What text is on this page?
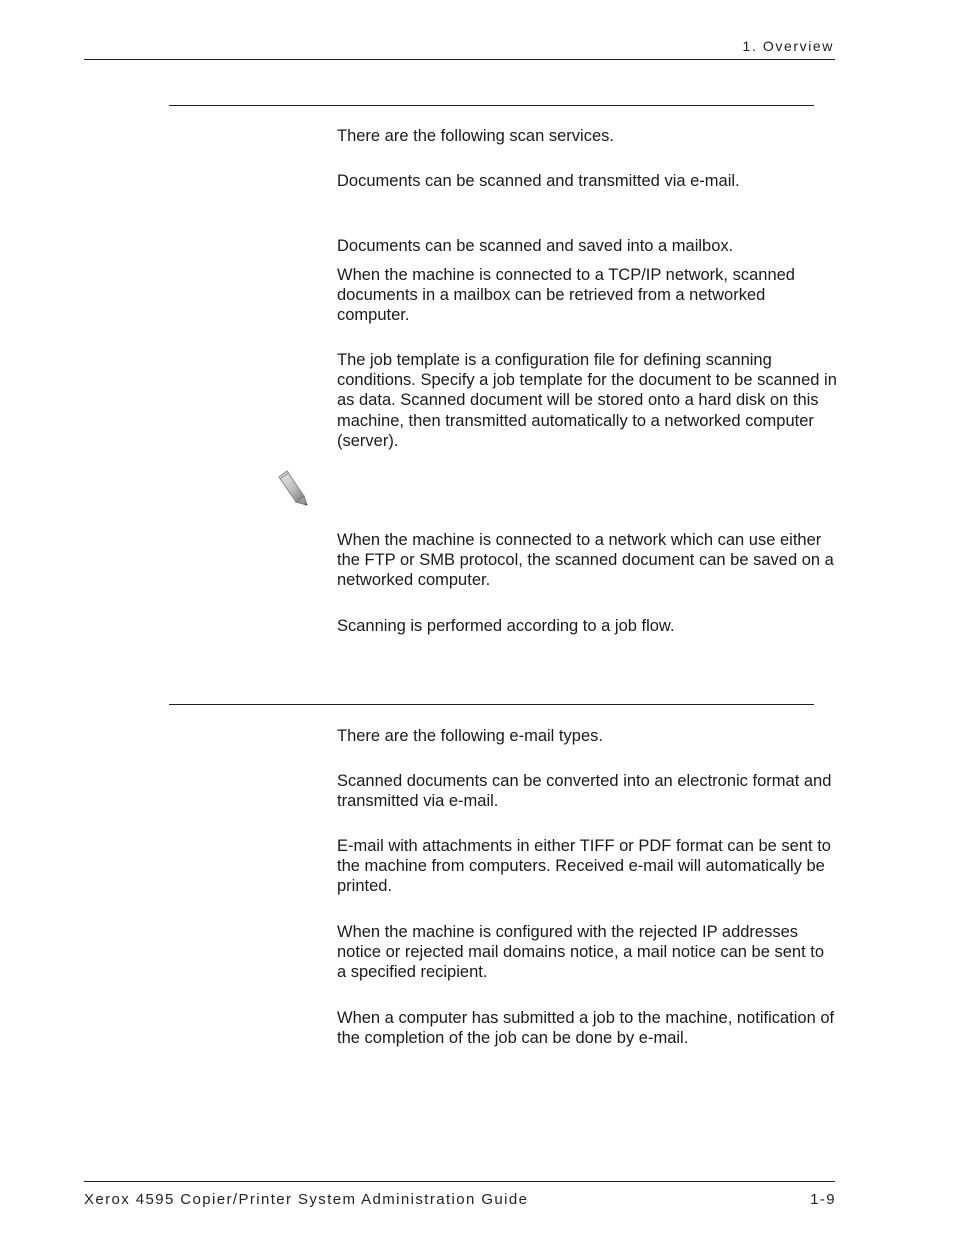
1. Overview

There are the following scan services.

Documents can be scanned and transmitted via e-mail.

Documents can be scanned and saved into a mailbox.

When the machine is connected to a TCP/IP network, scanned documents in a mailbox can be retrieved from a networked computer.

The job template is a configuration file for defining scanning conditions. Specify a job template for the document to be scanned in as data. Scanned document will be stored onto a hard disk on this machine, then transmitted automatically to a networked computer (server).

When the machine is connected to a network which can use either the FTP or SMB protocol, the scanned document can be saved on a networked computer.

Scanning is performed according to a job flow.

There are the following e-mail types.

Scanned documents can be converted into an electronic format and transmitted via e-mail.

E-mail with attachments in either TIFF or PDF format can be sent to the machine from computers. Received e-mail will automatically be printed.

When the machine is configured with the rejected IP addresses notice or rejected mail domains notice, a mail notice can be sent to a specified recipient.

When a computer has submitted a job to the machine, notification of the completion of the job can be done by e-mail.

Xerox 4595 Copier/Printer System Administration Guide	1-9
